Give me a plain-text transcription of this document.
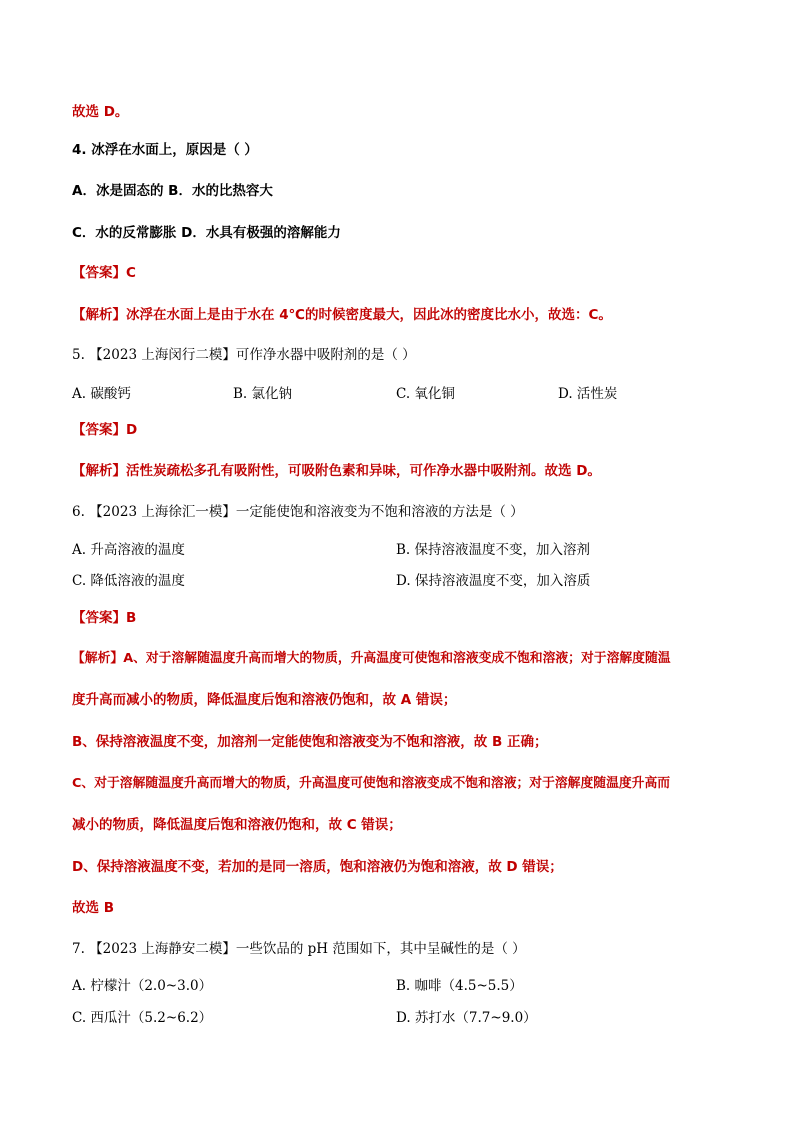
故选 D。
4. 冰浮在水面上，原因是（ ）
A．冰是固态的 B．水的比热容大
C．水的反常膨胀 D．水具有极强的溶解能力
【答案】C
【解析】冰浮在水面上是由于水在 4℃的时候密度最大，因此冰的密度比水小，故选：C。
5. 【2023 上海闵行二模】可作净水器中吸附剂的是（ ）
A. 碳酸钙	B. 氯化钠	C. 氧化铜	D. 活性炭
【答案】D
【解析】活性炭疏松多孔有吸附性，可吸附色素和异味，可作净水器中吸附剂。故选 D。
6. 【2023 上海徐汇一模】一定能使饱和溶液变为不饱和溶液的方法是（ ）
A. 升高溶液的温度	B. 保持溶液温度不变，加入溶剂
C. 降低溶液的温度	D. 保持溶液温度不变，加入溶质
【答案】B
【解析】A、对于溶解随温度升高而增大的物质，升高温度可使饱和溶液变成不饱和溶液；对于溶解度随温
度升高而减小的物质，降低温度后饱和溶液仍饱和，故 A 错误；
B、保持溶液温度不变，加溶剂一定能使饱和溶液变为不饱和溶液，故 B 正确；
C、对于溶解随温度升高而增大的物质，升高温度可使饱和溶液变成不饱和溶液；对于溶解度随温度升高而
减小的物质，降低温度后饱和溶液仍饱和，故 C 错误；
D、保持溶液温度不变，若加的是同一溶质，饱和溶液仍为饱和溶液，故 D 错误；
故选 B
7. 【2023 上海静安二模】一些饮品的 pH 范围如下，其中呈碱性的是（ ）
A. 柠檬汁（2.0~3.0）	B. 咖啡（4.5~5.5）
C. 西瓜汁（5.2~6.2）	D. 苏打水（7.7~9.0）
